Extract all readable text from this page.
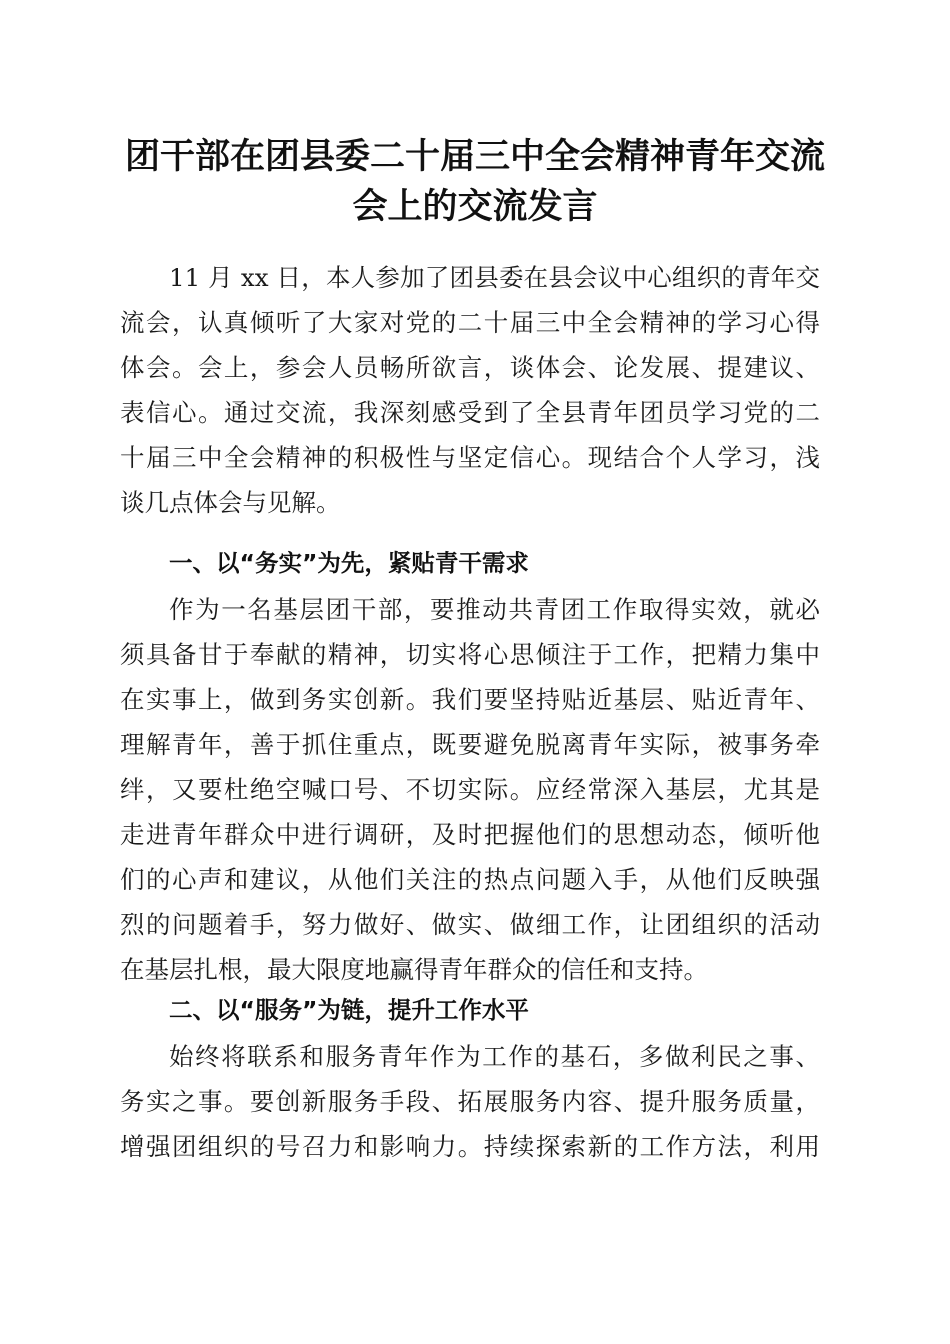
团干部在团县委二十届三中全会精神青年交流
会上的交流发言
11 月 xx 日，本人参加了团县委在县会议中心组织的青年交
流会，认真倾听了大家对党的二十届三中全会精神的学习心得
体会。会上，参会人员畅所欲言，谈体会、论发展、提建议、
表信心。通过交流，我深刻感受到了全县青年团员学习党的二
十届三中全会精神的积极性与坚定信心。现结合个人学习，浅
谈几点体会与见解。
一、以“务实”为先，紧贴青干需求
作为一名基层团干部，要推动共青团工作取得实效，就必
须具备甘于奉献的精神，切实将心思倾注于工作，把精力集中
在实事上，做到务实创新。我们要坚持贴近基层、贴近青年、
理解青年，善于抓住重点，既要避免脱离青年实际，被事务牵
绊，又要杜绝空喊口号、不切实际。应经常深入基层，尤其是
走进青年群众中进行调研，及时把握他们的思想动态，倾听他
们的心声和建议，从他们关注的热点问题入手，从他们反映强
烈的问题着手，努力做好、做实、做细工作，让团组织的活动
在基层扎根，最大限度地赢得青年群众的信任和支持。
二、以“服务”为链，提升工作水平
始终将联系和服务青年作为工作的基石，多做利民之事、
务实之事。要创新服务手段、拓展服务内容、提升服务质量，
增强团组织的号召力和影响力。持续探索新的工作方法，利用
